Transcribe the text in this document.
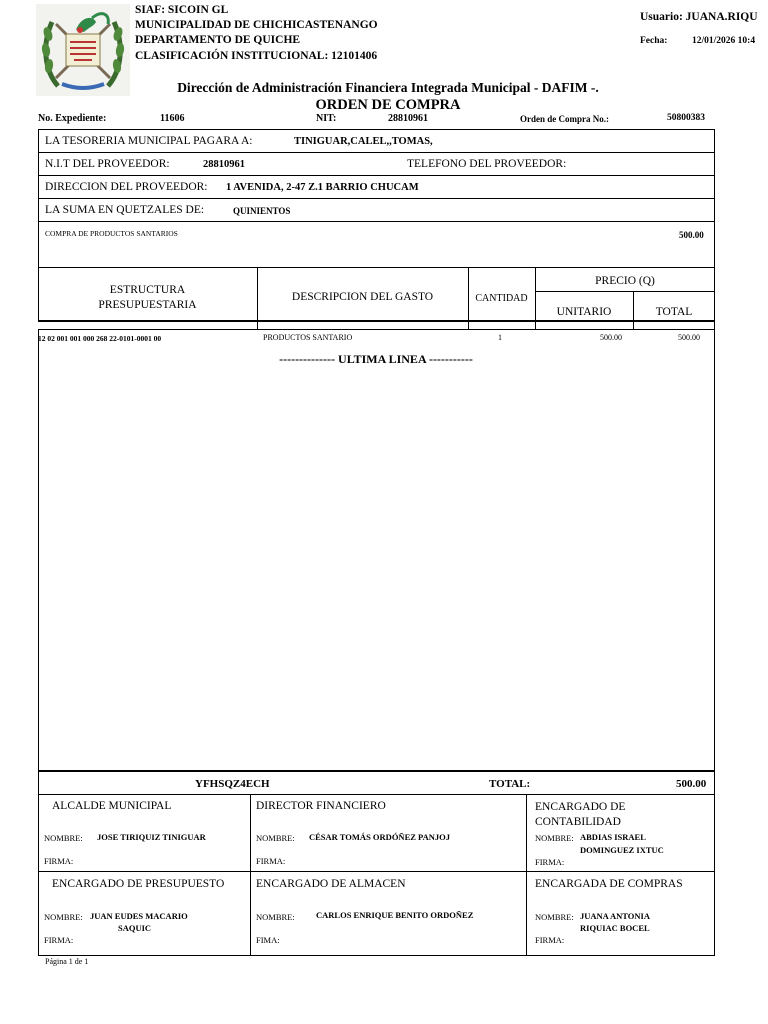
SIAF: SICOIN GL
MUNICIPALIDAD DE CHICHICASTENANGO
DEPARTAMENTO DE QUICHE
CLASIFICACIÓN INSTITUCIONAL: 12101406
Usuario: JUANA.RIQU
Fecha:	12/01/2026 10:4
Dirección de Administración Financiera Integrada Municipal - DAFIM -.
ORDEN DE COMPRA
No. Expediente:	11606	NIT:	28810961	Orden de Compra No.:	50800383
LA TESORERIA MUNICIPAL PAGARA A:	TINIGUAR,CALEL,,TOMAS,
N.I.T DEL PROVEEDOR:	28810961	TELEFONO DEL PROVEEDOR:
DIRECCION DEL PROVEEDOR: 1 AVENIDA, 2-47 Z.1 BARRIO CHUCAM
LA SUMA EN QUETZALES DE:	QUINIENTOS
COMPRA DE PRODUCTOS SANTARIOS	500.00
ESTRUCTURA
PRESUPUESTARIA
DESCRIPCION DEL GASTO	CANTIDAD
PRECIO (Q)
UNITARIO	TOTAL
12 02 001 001 000 268 22-0101-0001 00	PRODUCTOS SANTARIO	1	500.00	500.00
-------------- ULTIMA LINEA -----------
YFHSQZ4ECH	TOTAL:	500.00
ALCALDE MUNICIPAL
NOMBRE: JOSE TIRIQUIZ TINIGUAR
FIRMA:
DIRECTOR FINANCIERO
NOMBRE: CÉSAR TOMÁS ORDÓÑEZ PANJOJ
FIRMA:
ENCARGADO DE
CONTABILIDAD
NOMBRE: ABDIAS ISRAEL
DOMINGUEZ IXTUC
FIRMA:
ENCARGADO DE PRESUPUESTO
NOMBRE: JUAN EUDES MACARIO
SAQUIC
FIRMA:
ENCARGADO DE ALMACEN
NOMBRE:	CARLOS ENRIQUE BENITO ORDOÑEZ
FIMA:
ENCARGADA DE COMPRAS
NOMBRE: JUANA ANTONIA
RIQUIAC BOCEL
FIRMA:
Página 1 de 1
